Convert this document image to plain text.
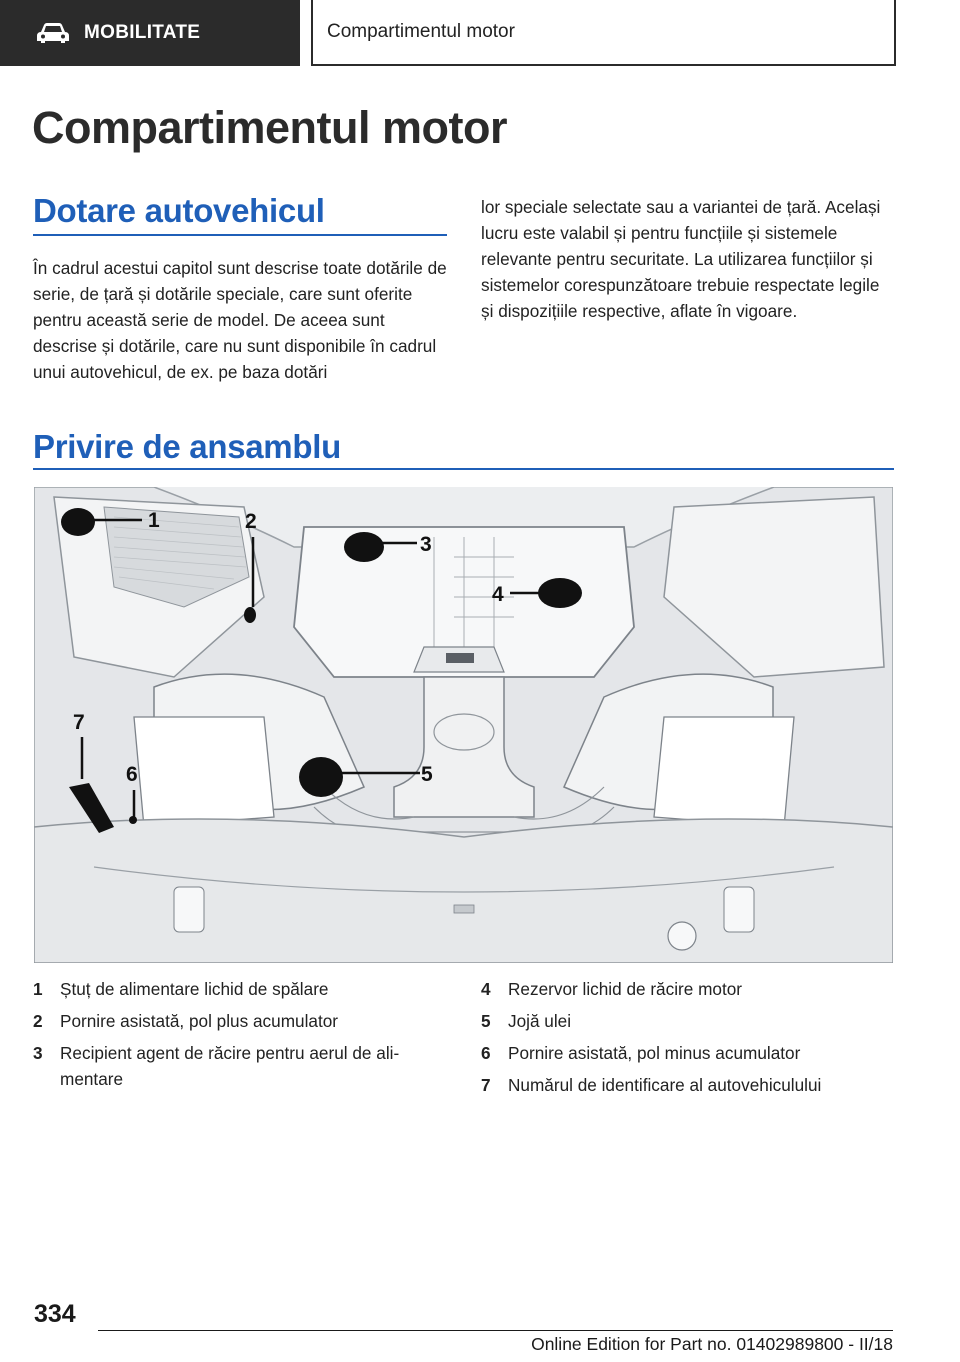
MOBILITATE	Compartimentul motor
Compartimentul motor
Dotare autovehicul
În cadrul acestui capitol sunt descrise toate dotările de serie, de țară și dotările speciale, care sunt oferite pentru această serie de model. De aceea sunt descrise și dotările, care nu sunt disponibile în cadrul unui autovehicul, de ex. pe baza dotări
lor speciale selectate sau a variantei de țară. Același lucru este valabil și pentru funcțiile și sistemele relevante pentru securitate. La utilizarea funcțiilor și sistemelor corespunzătoare trebuie respectate legile și dispozițiile respective, aflate în vigoare.
Privire de ansamblu
1	2
3
4
5
6
7
1	Ștuț de alimentare lichid de spălare
2	Pornire asistată, pol plus acumulator
3	Recipient agent de răcire pentru aerul de alimentare
4	Rezervor lichid de răcire motor
5	Jojă ulei
6	Pornire asistată, pol minus acumulator
7	Numărul de identificare al autovehiculului
334
Online Edition for Part no. 01402989800 - II/18
